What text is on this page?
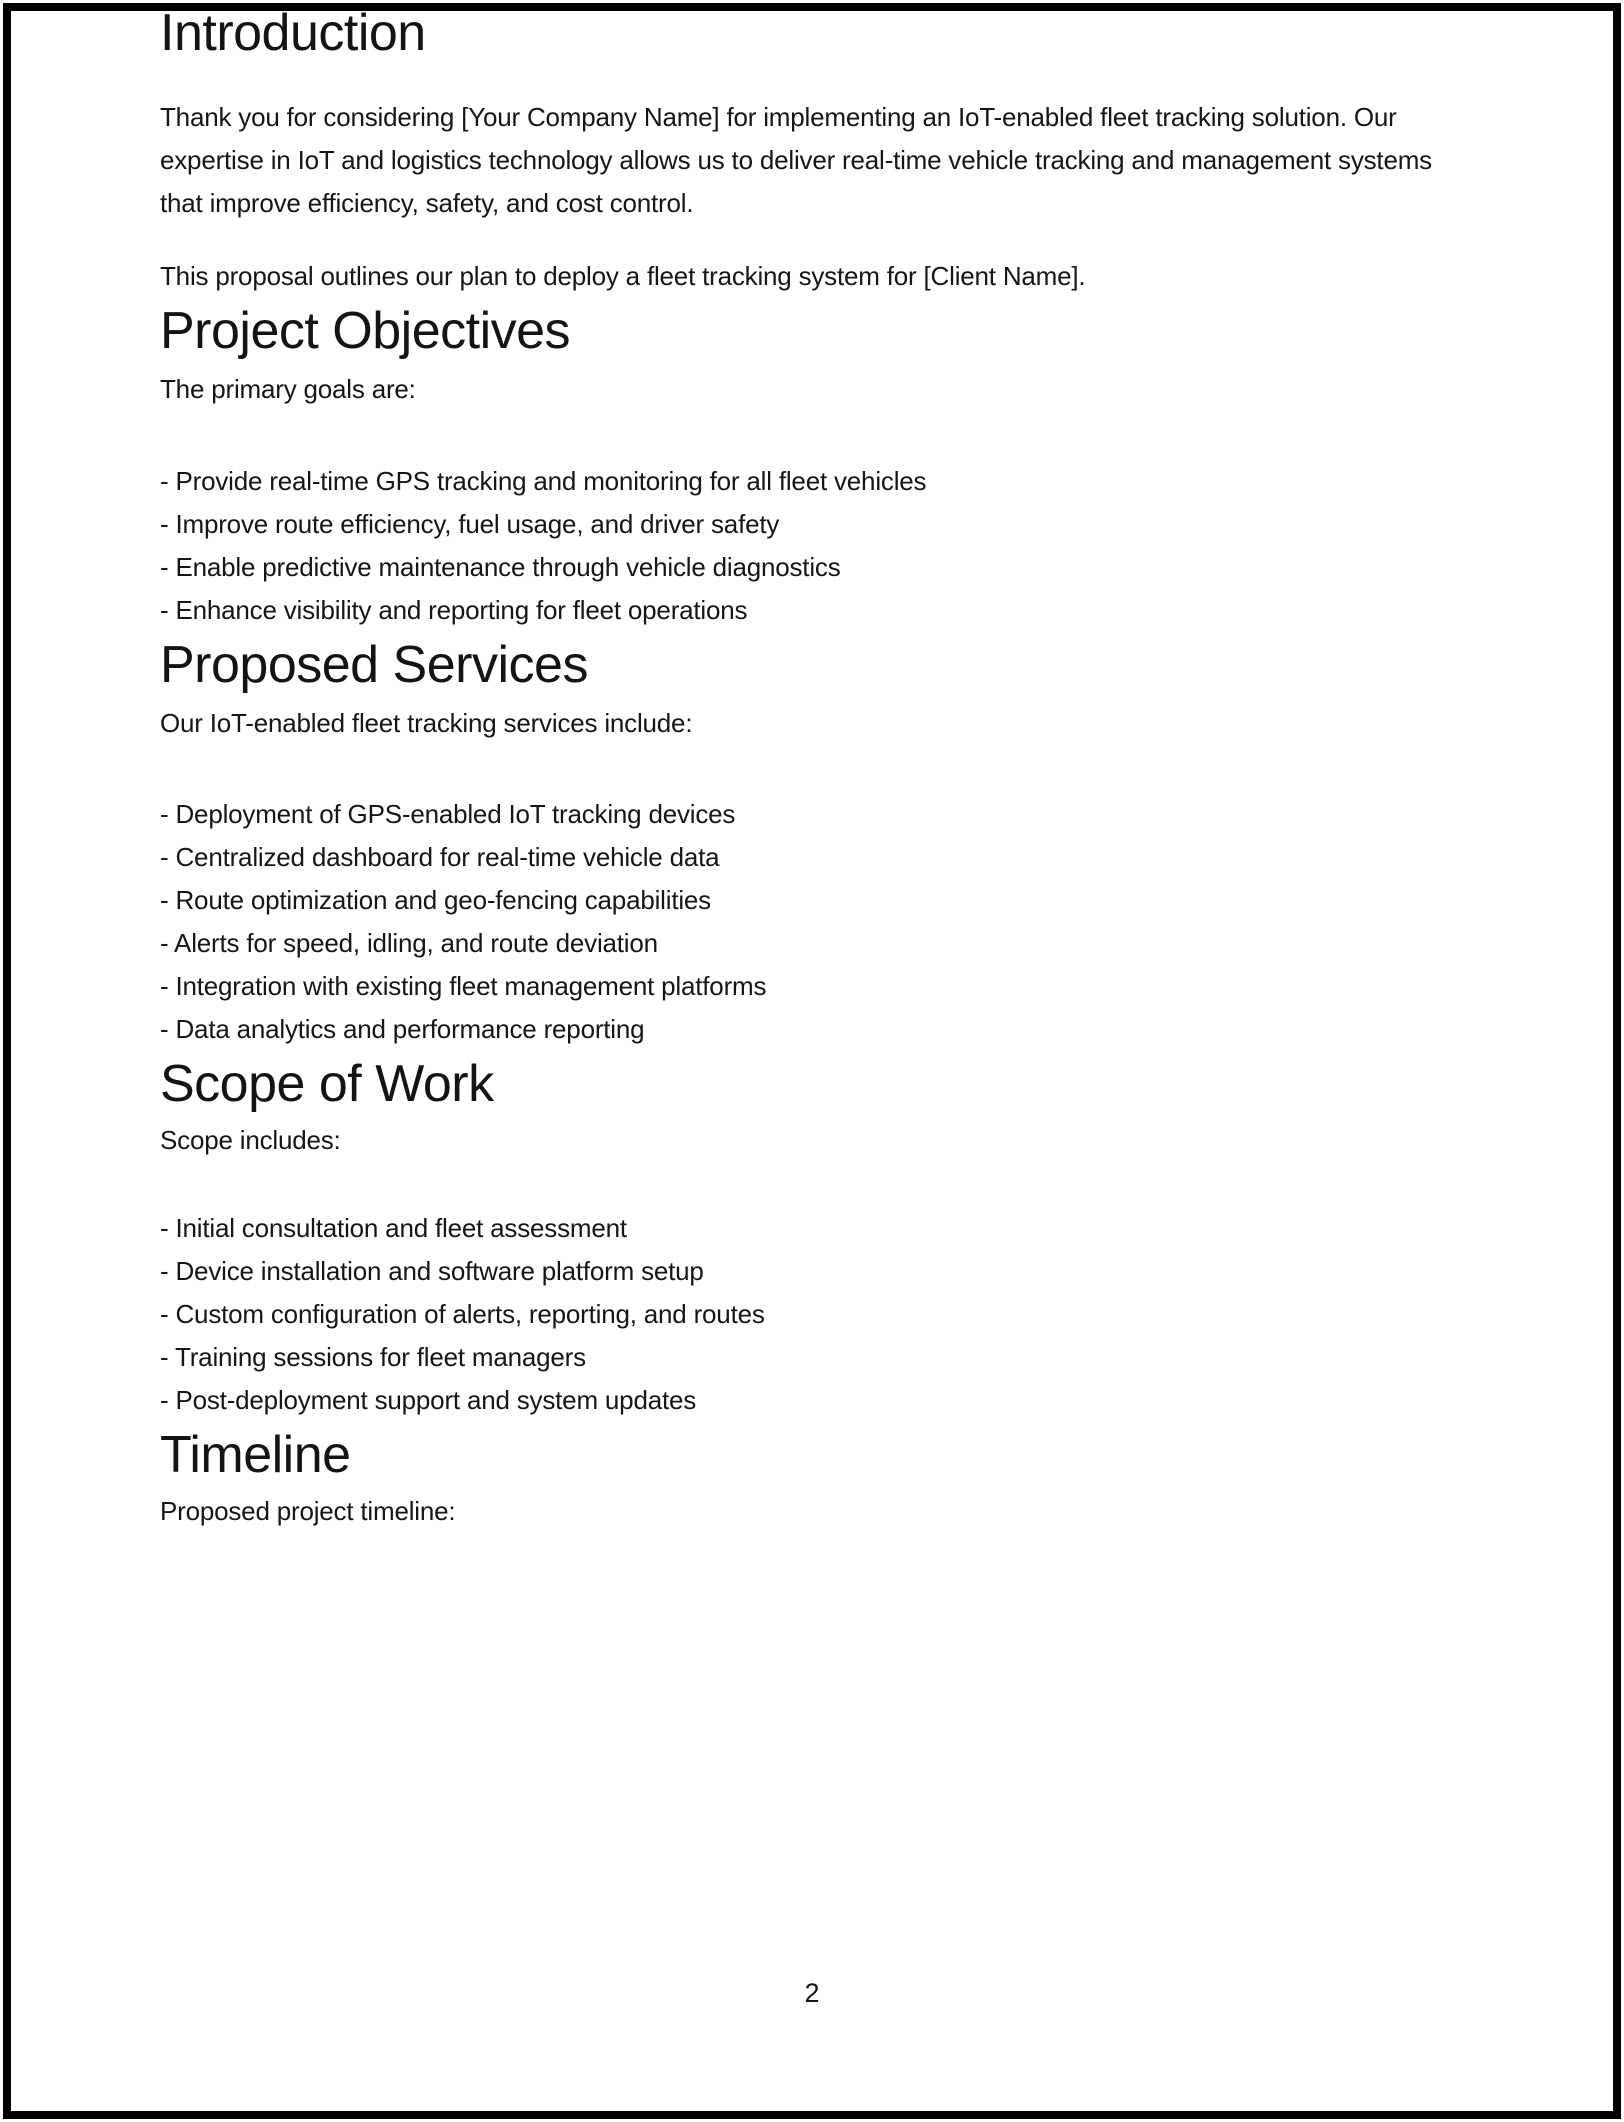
Introduction

Thank you for considering [Your Company Name] for implementing an IoT-enabled fleet tracking solution. Our expertise in IoT and logistics technology allows us to deliver real-time vehicle tracking and management systems that improve efficiency, safety, and cost control.

This proposal outlines our plan to deploy a fleet tracking system for [Client Name].

Project Objectives

The primary goals are:

- Provide real-time GPS tracking and monitoring for all fleet vehicles
- Improve route efficiency, fuel usage, and driver safety
- Enable predictive maintenance through vehicle diagnostics
- Enhance visibility and reporting for fleet operations
Proposed Services

Our IoT-enabled fleet tracking services include:

- Deployment of GPS-enabled IoT tracking devices
- Centralized dashboard for real-time vehicle data
- Route optimization and geo-fencing capabilities
- Alerts for speed, idling, and route deviation
- Integration with existing fleet management platforms
- Data analytics and performance reporting
Scope of Work

Scope includes:

- Initial consultation and fleet assessment
- Device installation and software platform setup
- Custom configuration of alerts, reporting, and routes
- Training sessions for fleet managers
- Post-deployment support and system updates
Timeline

Proposed project timeline:

2
